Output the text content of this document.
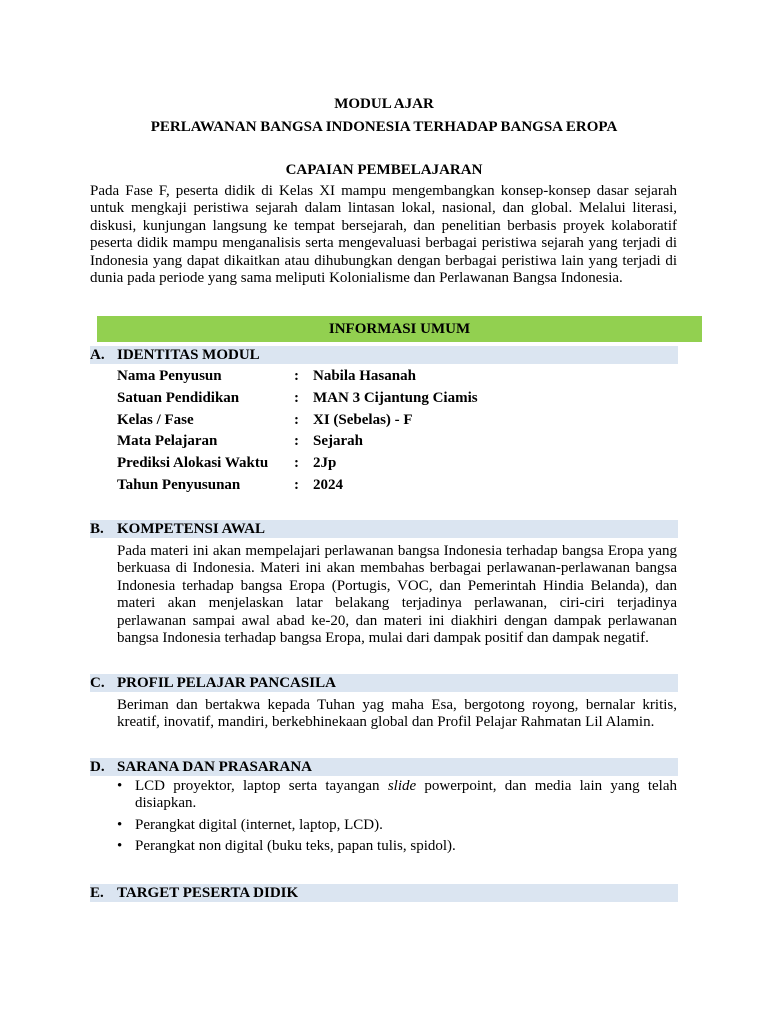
MODUL AJAR
PERLAWANAN BANGSA INDONESIA TERHADAP BANGSA EROPA
CAPAIAN PEMBELAJARAN
Pada Fase F, peserta didik di Kelas XI mampu mengembangkan konsep-konsep dasar sejarah untuk mengkaji peristiwa sejarah dalam lintasan lokal, nasional, dan global. Melalui literasi, diskusi, kunjungan langsung ke tempat bersejarah, dan penelitian berbasis proyek kolaboratif peserta didik mampu menganalisis serta mengevaluasi berbagai peristiwa sejarah yang terjadi di Indonesia yang dapat dikaitkan atau dihubungkan dengan berbagai peristiwa lain yang terjadi di dunia pada periode yang sama meliputi Kolonialisme dan Perlawanan Bangsa Indonesia.
INFORMASI UMUM
A. IDENTITAS MODUL
Nama Penyusun	: Nabila Hasanah
Satuan Pendidikan	: MAN 3 Cijantung Ciamis
Kelas / Fase	: XI (Sebelas) - F
Mata Pelajaran	: Sejarah
Prediksi Alokasi Waktu : 2Jp
Tahun Penyusunan	: 2024
B. KOMPETENSI AWAL
Pada materi ini akan mempelajari perlawanan bangsa Indonesia terhadap bangsa Eropa yang berkuasa di Indonesia. Materi ini akan membahas berbagai perlawanan-perlawanan bangsa Indonesia terhadap bangsa Eropa (Portugis, VOC, dan Pemerintah Hindia Belanda), dan materi akan menjelaskan latar belakang terjadinya perlawanan, ciri-ciri terjadinya perlawanan sampai awal abad ke-20, dan materi ini diakhiri dengan dampak perlawanan bangsa Indonesia terhadap bangsa Eropa, mulai dari dampak positif dan dampak negatif.
C. PROFIL PELAJAR PANCASILA
Beriman dan bertakwa kepada Tuhan yag maha Esa, bergotong royong, bernalar kritis, kreatif, inovatif, mandiri, berkebhinekaan global dan Profil Pelajar Rahmatan Lil Alamin.
D. SARANA DAN PRASARANA
• LCD proyektor, laptop serta tayangan slide powerpoint, dan media lain yang telah disiapkan.
• Perangkat digital (internet, laptop, LCD).
• Perangkat non digital (buku teks, papan tulis, spidol).
E. TARGET PESERTA DIDIK
